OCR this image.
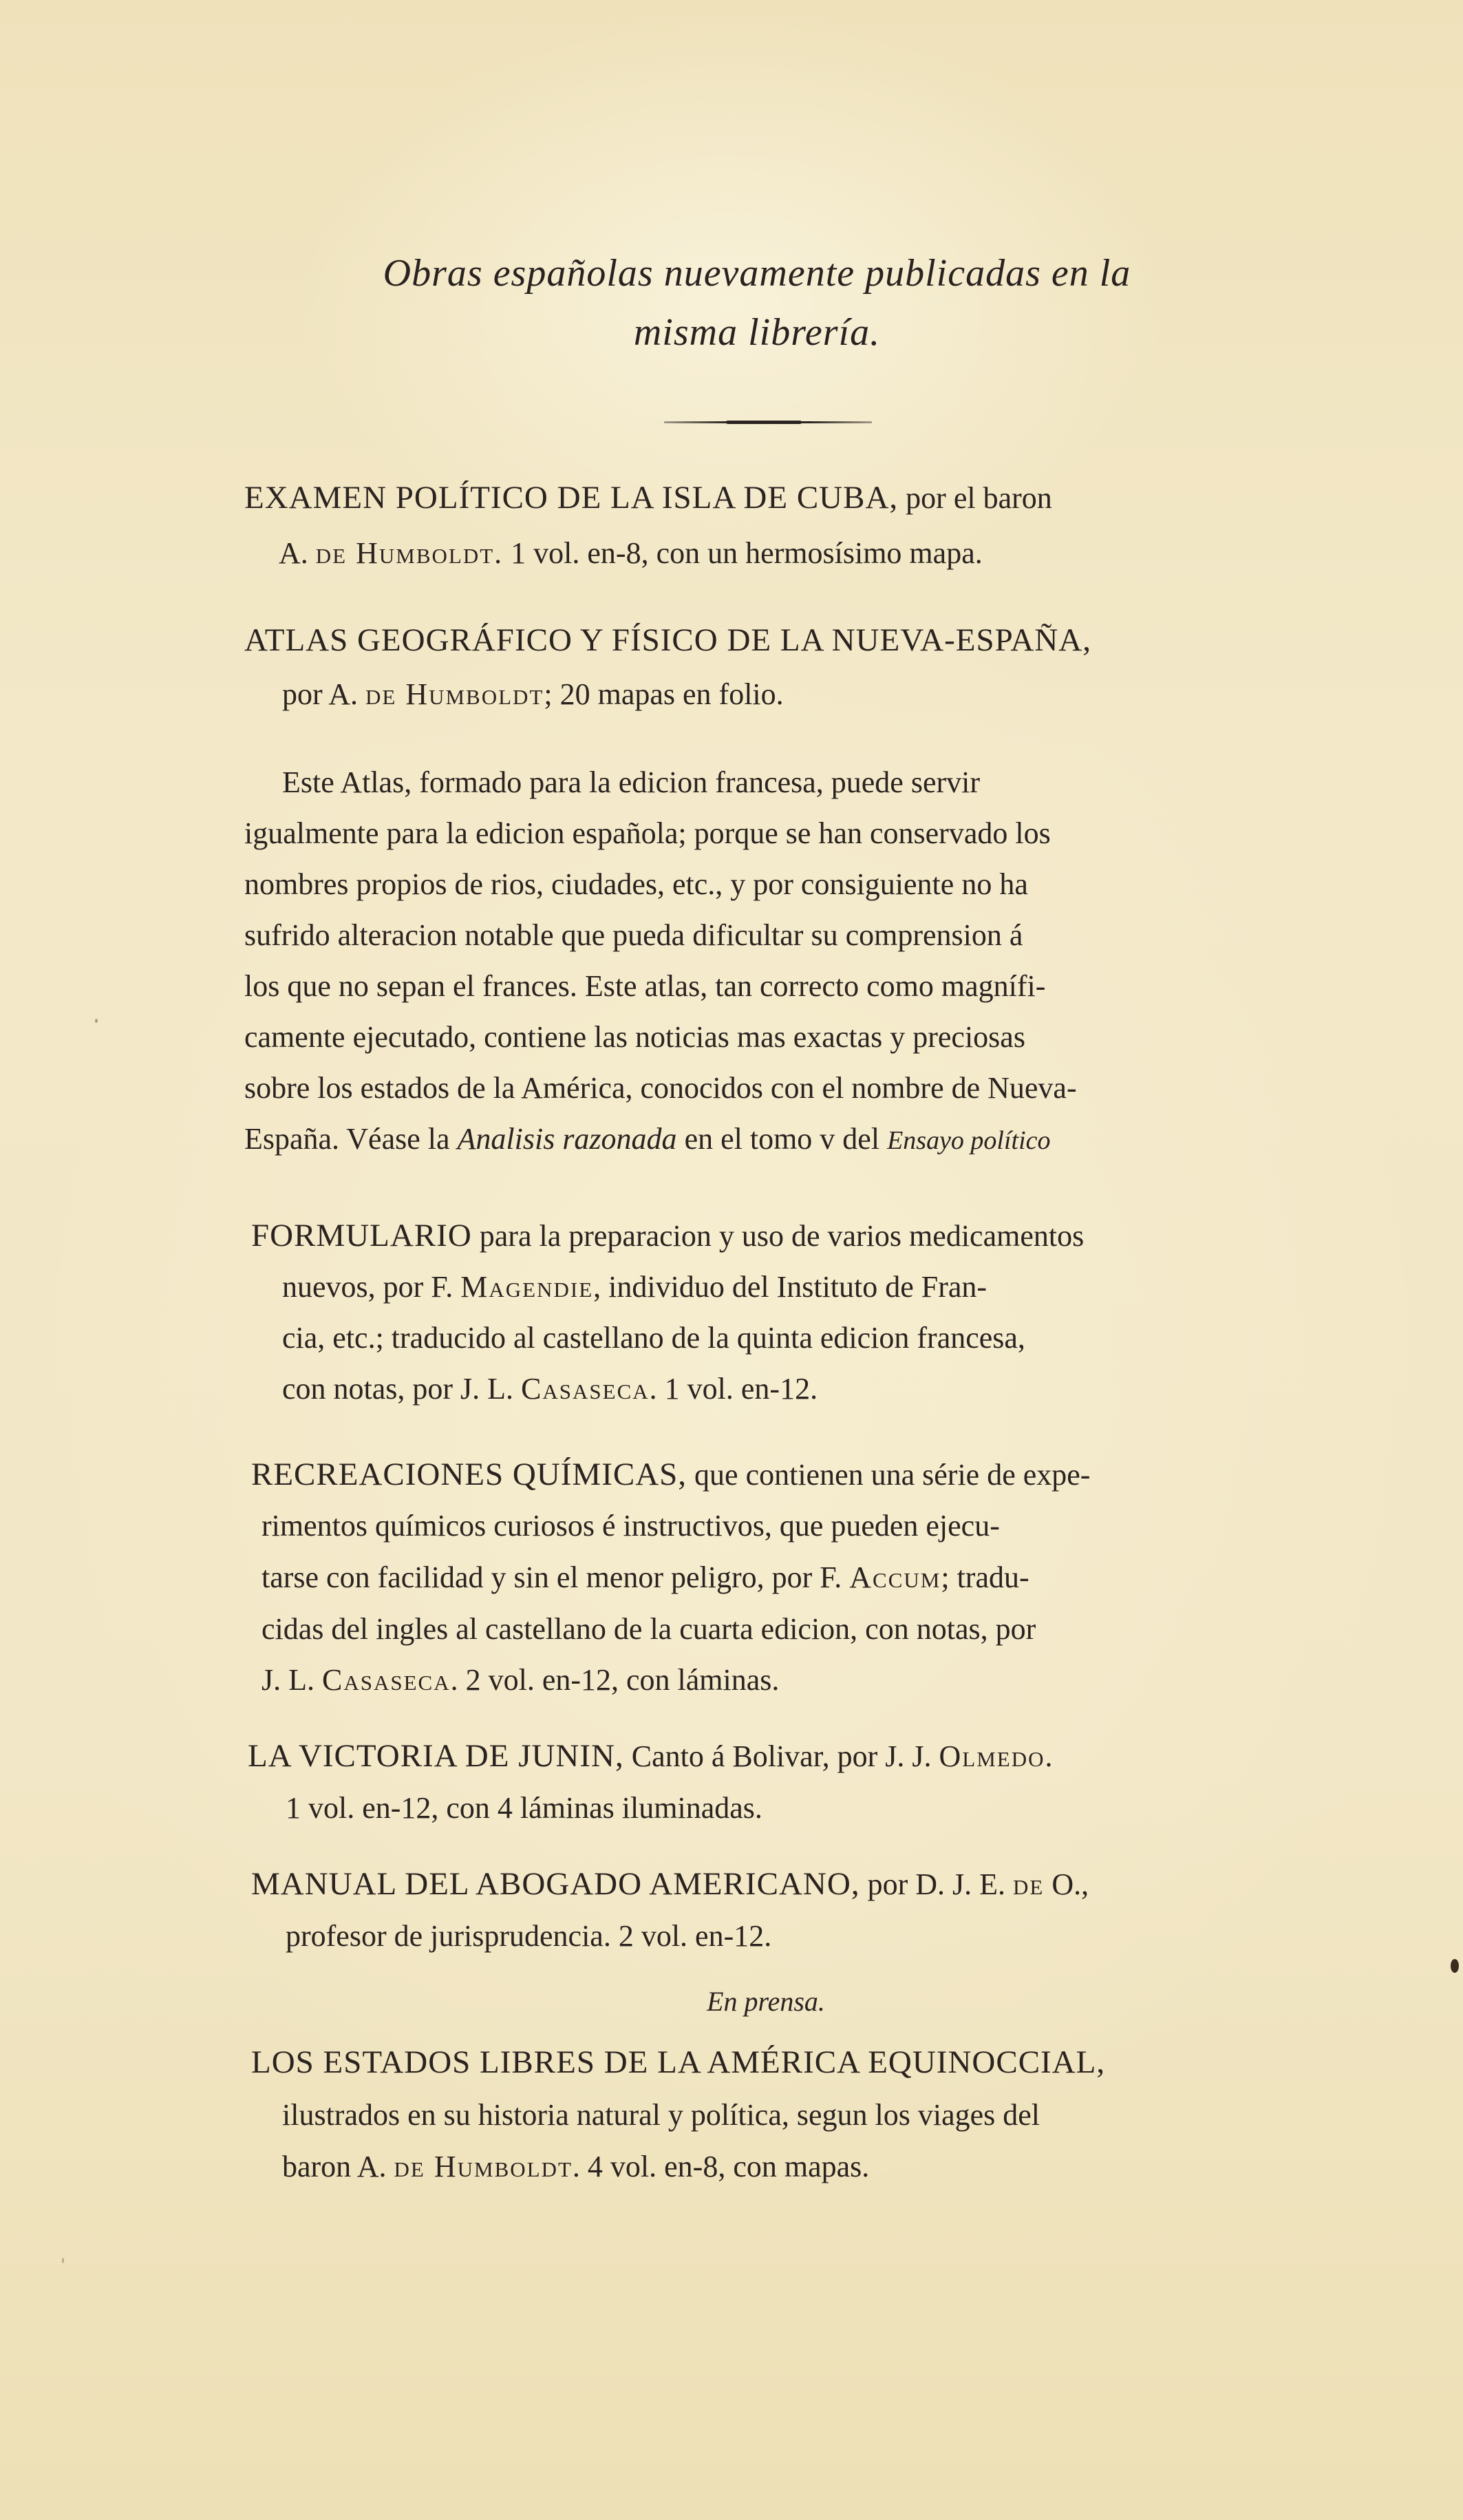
Obras españolas nuevamente publicadas en la
misma librería.
EXAMEN POLÍTICO DE LA ISLA DE CUBA, por el baron
A. de Humboldt. 1 vol. en-8, con un hermosísimo mapa.
ATLAS GEOGRÁFICO Y FÍSICO DE LA NUEVA-ESPAÑA,
por A. de Humboldt; 20 mapas en folio.
Este Atlas, formado para la edicion francesa, puede servir
igualmente para la edicion española; porque se han conservado los
nombres propios de rios, ciudades, etc., y por consiguiente no ha
sufrido alteracion notable que pueda dificultar su comprension á
los que no sepan el frances. Este atlas, tan correcto como magnífi-
camente ejecutado, contiene las noticias mas exactas y preciosas
sobre los estados de la América, conocidos con el nombre de Nueva-
España. Véase la Analisis razonada en el tomo v del Ensayo político
FORMULARIO para la preparacion y uso de varios medicamentos
nuevos, por F. Magendie, individuo del Instituto de Fran-
cia, etc.; traducido al castellano de la quinta edicion francesa,
con notas, por J. L. Casaseca. 1 vol. en-12.
RECREACIONES QUÍMICAS, que contienen una série de expe-
rimentos químicos curiosos é instructivos, que pueden ejecu-
tarse con facilidad y sin el menor peligro, por F. Accum; tradu-
cidas del ingles al castellano de la cuarta edicion, con notas, por
J. L. Casaseca. 2 vol. en-12, con láminas.
LA VICTORIA DE JUNIN, Canto á Bolivar, por J. J. Olmedo.
1 vol. en-12, con 4 láminas iluminadas.
MANUAL DEL ABOGADO AMERICANO, por D. J. E. de O.,
profesor de jurisprudencia. 2 vol. en-12.
En prensa.
LOS ESTADOS LIBRES DE LA AMÉRICA EQUINOCCIAL,
ilustrados en su historia natural y política, segun los viages del
baron A. de Humboldt. 4 vol. en-8, con mapas.
